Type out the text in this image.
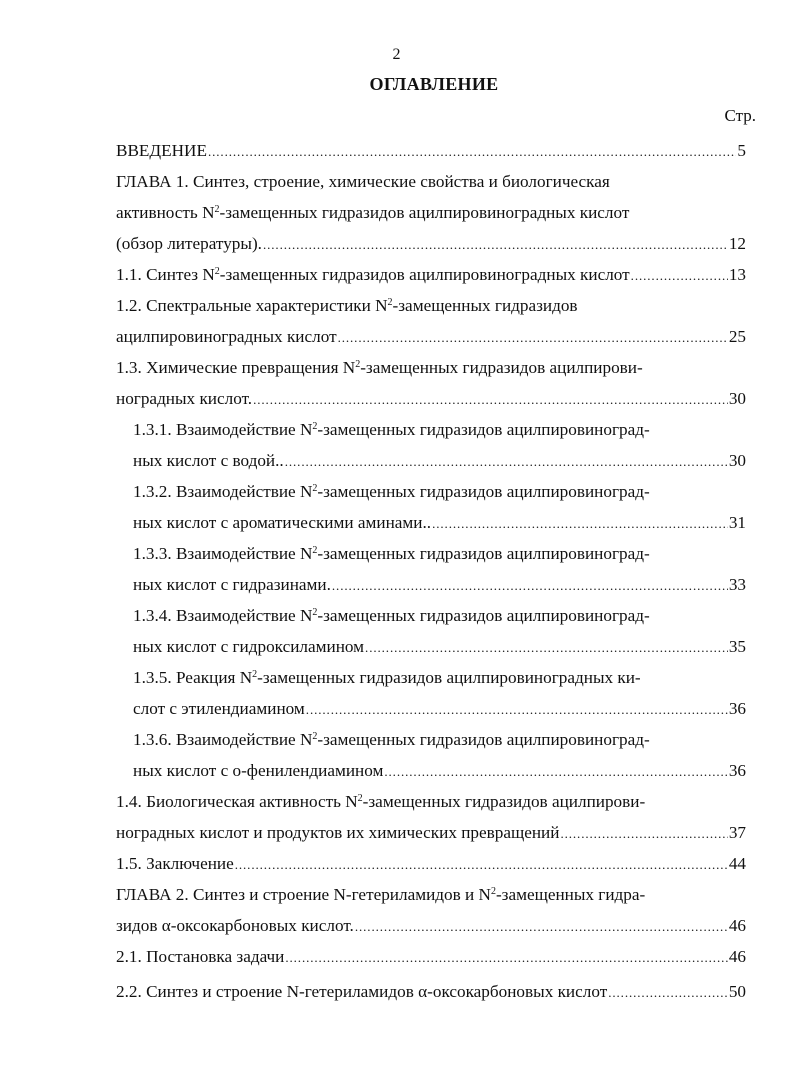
2
ОГЛАВЛЕНИЕ
Стр.
ВВЕДЕНИЕ .....	5
ГЛАВА 1. Синтез, строение, химические свойства и биологическая
активность $N^2$-замещенных гидразидов ацилпировиноградных кислот
(обзор литературы). .....	12
1.1. Синтез $N^2$-замещенных гидразидов ацилпировиноградных кислот .....	13
1.2. Спектральные характеристики $N^2$-замещенных гидразидов
ацилпировиноградных кислот .....	25
1.3. Химические превращения $N^2$-замещенных гидразидов ацилпирови-
ноградных кислот. .....	30
1.3.1. Взаимодействие $N^2$-замещенных гидразидов ацилпировиноград-
ных кислот с водой.. .....	30
1.3.2. Взаимодействие $N^2$-замещенных гидразидов ацилпировиноград-
ных кислот с ароматическими аминами.. .....	31
1.3.3. Взаимодействие $N^2$-замещенных гидразидов ацилпировиноград-
ных кислот с гидразинами. .....	33
1.3.4. Взаимодействие $N^2$-замещенных гидразидов ацилпировиноград-
ных кислот с гидроксиламином .....	35
1.3.5. Реакция $N^2$-замещенных гидразидов ацилпировиноградных ки-
слот с этилендиамином .....	36
1.3.6. Взаимодействие $N^2$-замещенных гидразидов ацилпировиноград-
ных кислот с о-фенилендиамином .....	36
1.4. Биологическая активность $N^2$-замещенных гидразидов ацилпирови-
ноградных кислот и продуктов их химических превращений .....	37
1.5. Заключение .....	44
ГЛАВА 2. Синтез и строение N-гетериламидов и $N^2$-замещенных гидра-
зидов α-оксокарбоновых кислот. .....	46
2.1. Постановка задачи .....	46
2.2. Синтез и строение N-гетериламидов α-оксокарбоновых кислот .....	50
